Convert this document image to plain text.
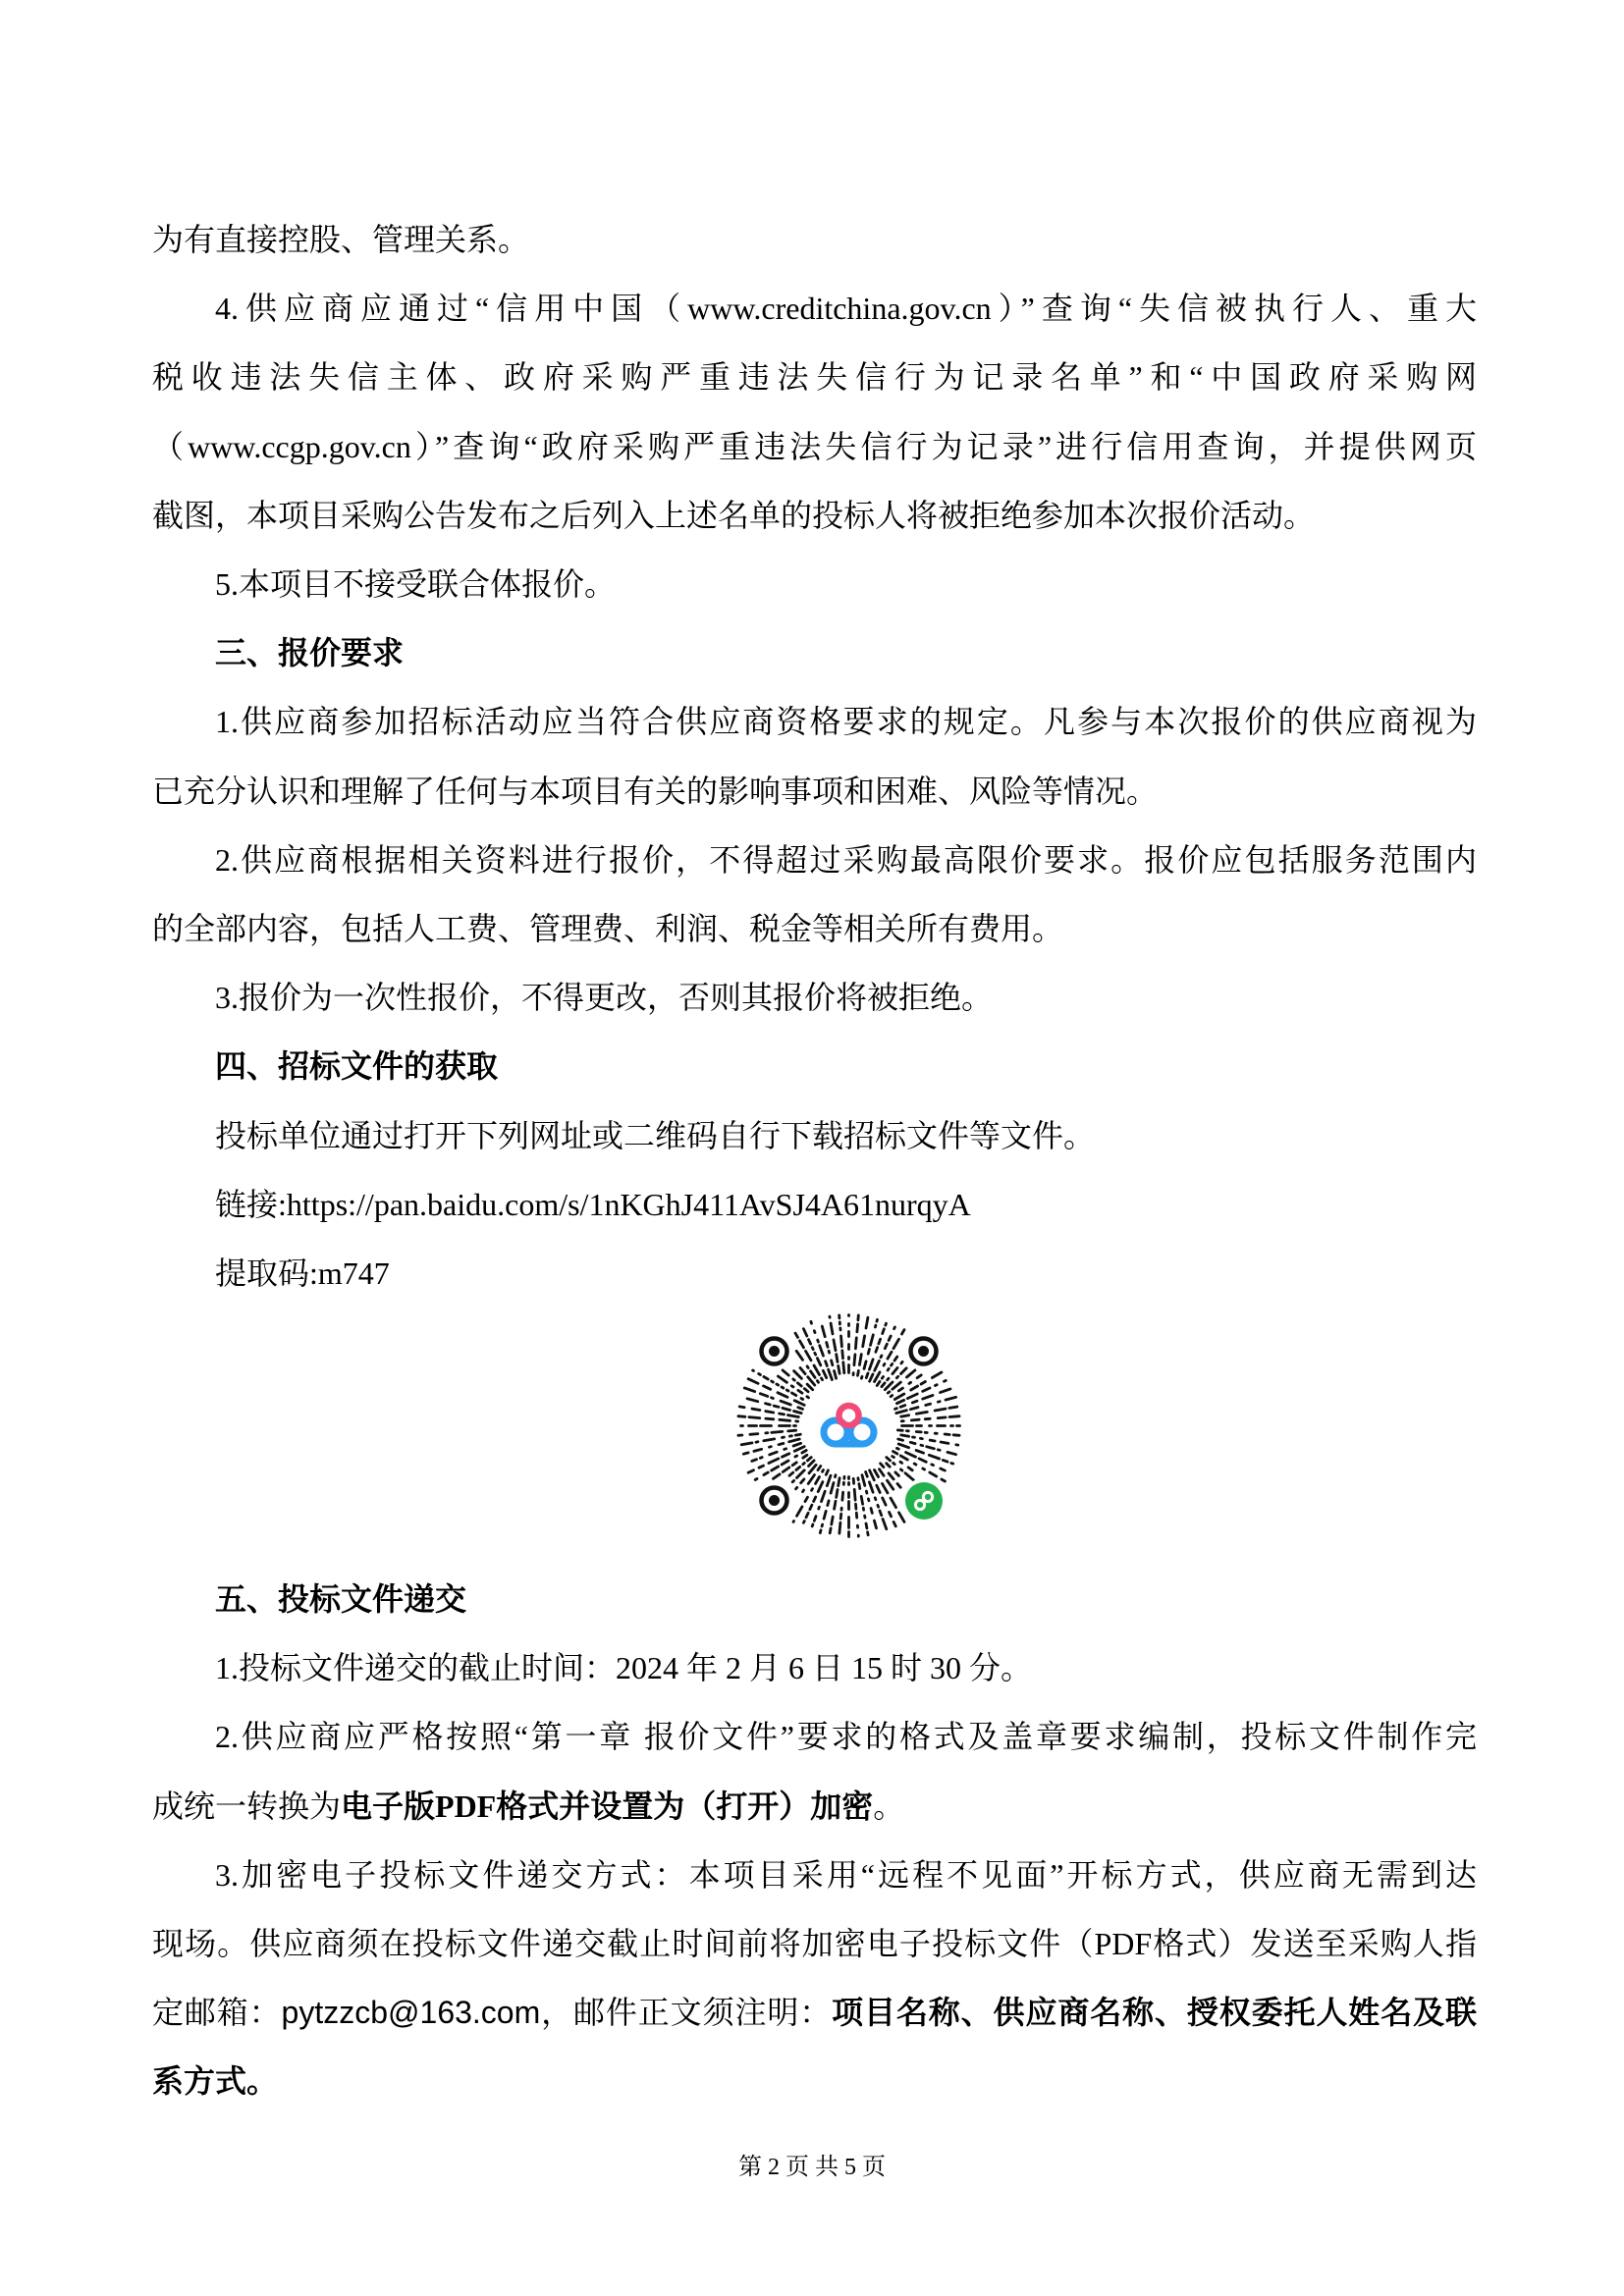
为有直接控股、管理关系。
4.供应商应通过“信用中国（www.creditchina.gov.cn）”查询“失信被执行人、重大
税收违法失信主体、政府采购严重违法失信行为记录名单”和“中国政府采购网
（www.ccgp.gov.cn）”查询“政府采购严重违法失信行为记录”进行信用查询，并提供网页
截图，本项目采购公告发布之后列入上述名单的投标人将被拒绝参加本次报价活动。
5.本项目不接受联合体报价。
三、报价要求
1.供应商参加招标活动应当符合供应商资格要求的规定。凡参与本次报价的供应商视为
已充分认识和理解了任何与本项目有关的影响事项和困难、风险等情况。
2.供应商根据相关资料进行报价，不得超过采购最高限价要求。报价应包括服务范围内
的全部内容，包括人工费、管理费、利润、税金等相关所有费用。
3.报价为一次性报价，不得更改，否则其报价将被拒绝。
四、招标文件的获取
投标单位通过打开下列网址或二维码自行下载招标文件等文件。
链接:https://pan.baidu.com/s/1nKGhJ411AvSJ4A61nurqyA
提取码:m747
五、投标文件递交
1.投标文件递交的截止时间：2024 年 2 月 6 日 15 时 30 分。
2.供应商应严格按照“第一章 报价文件”要求的格式及盖章要求编制，投标文件制作完
成统一转换为电子版PDF格式并设置为（打开）加密。
3.加密电子投标文件递交方式：本项目采用“远程不见面”开标方式，供应商无需到达
现场。供应商须在投标文件递交截止时间前将加密电子投标文件（PDF格式）发送至采购人指
定邮箱：pytzzcb@163.com，邮件正文须注明：项目名称、供应商名称、授权委托人姓名及联
系方式。
第 2 页 共 5 页
